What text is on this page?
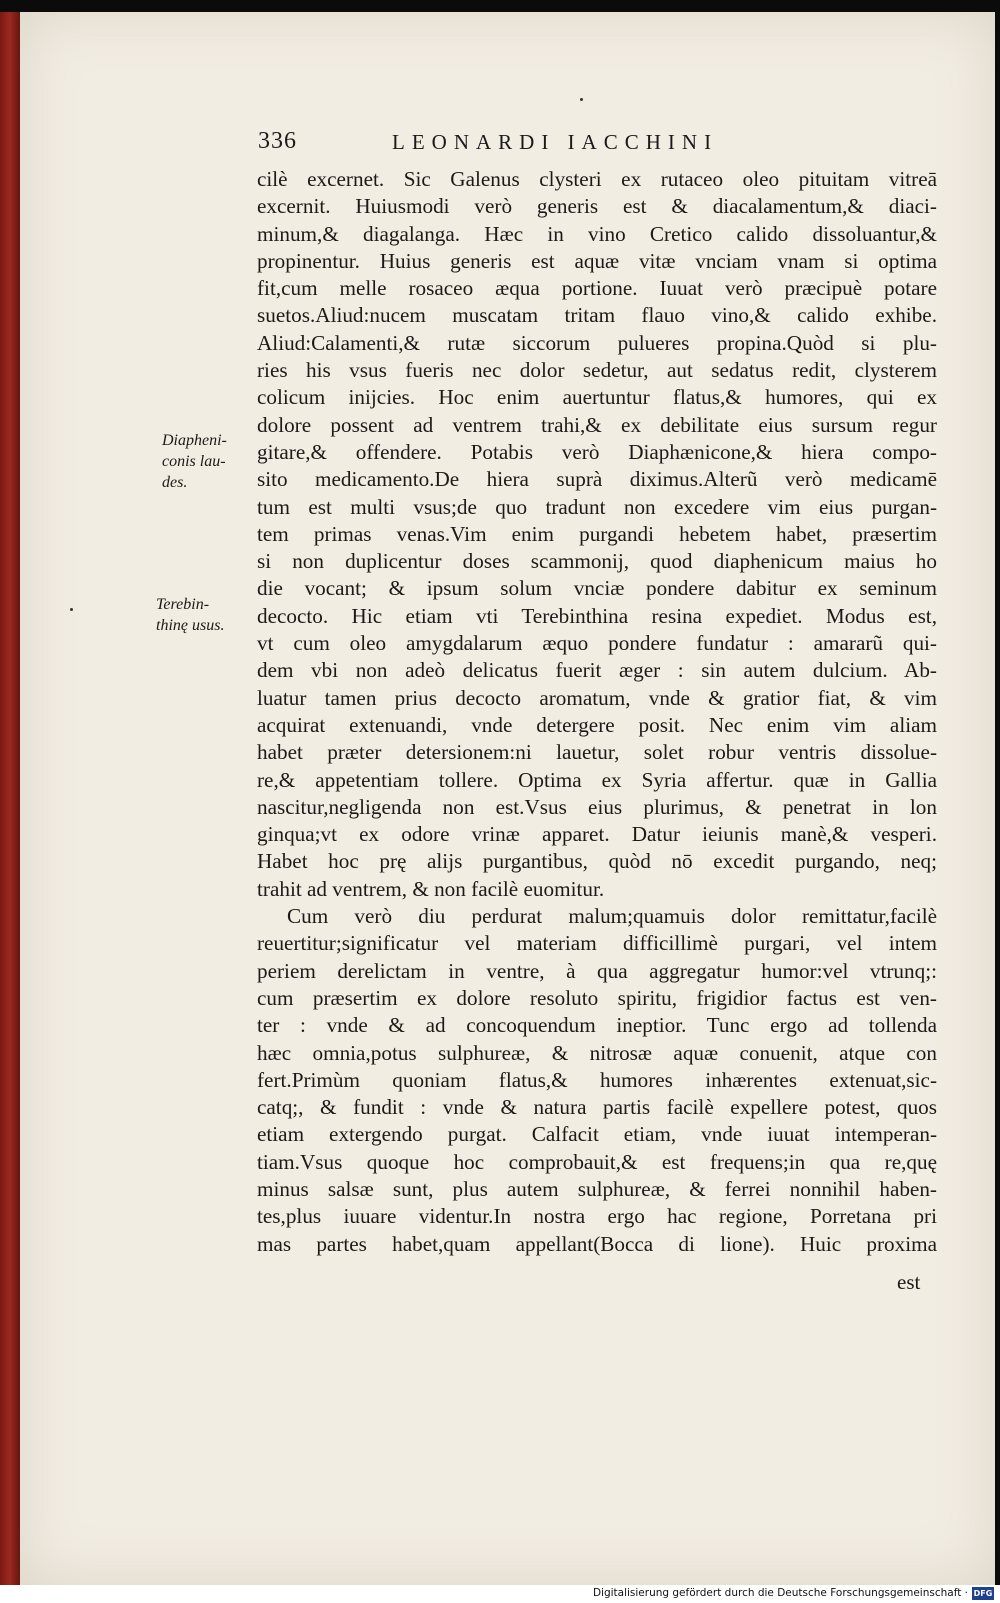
336	LEONARDI IACCHINI
Diapheni-
conis lau-
des.
Terebin-
thinę usus.
cilè excernet. Sic Galenus clysteri ex rutaceo oleo pituitam vitreā
excernit. Huiusmodi verò generis est & diacalamentum,& diaci-
minum,& diagalanga. Hæc in vino Cretico calido dissoluantur,&
propinentur. Huius generis est aquæ vitæ vnciam vnam si optima
fit,cum melle rosaceo æqua portione. Iuuat verò præcipuè potare
suetos.Aliud:nucem muscatam tritam flauo vino,& calido exhibe.
Aliud:Calamenti,& rutæ siccorum pulueres propina.Quòd si plu-
ries his vsus fueris nec dolor sedetur, aut sedatus redit, clysterem
colicum inijcies. Hoc enim auertuntur flatus,& humores, qui ex
dolore possent ad ventrem trahi,& ex debilitate eius sursum regur
gitare,& offendere. Potabis verò Diaphænicone,& hiera compo-
sito medicamento.De hiera suprà diximus.Alterũ verò medicamē
tum est multi vsus;de quo tradunt non excedere vim eius purgan-
tem primas venas.Vim enim purgandi hebetem habet, præsertim
si non duplicentur doses scammonij, quod diaphenicum maius ho
die vocant; & ipsum solum vnciæ pondere dabitur ex seminum
decocto. Hic etiam vti Terebinthina resina expediet. Modus est,
vt cum oleo amygdalarum æquo pondere fundatur : amararũ qui-
dem vbi non adeò delicatus fuerit æger : sin autem dulcium. Ab-
luatur tamen prius decocto aromatum, vnde & gratior fiat, & vim
acquirat extenuandi, vnde detergere posit. Nec enim vim aliam
habet præter detersionem:ni lauetur, solet robur ventris dissolue-
re,& appetentiam tollere. Optima ex Syria affertur. quæ in Gallia
nascitur,negligenda non est.Vsus eius plurimus, & penetrat in lon
ginqua;vt ex odore vrinæ apparet. Datur ieiunis manè,& vesperi.
Habet hoc prę alijs purgantibus, quòd nō excedit purgando, neq;
trahit ad ventrem, & non facilè euomitur.
Cum verò diu perdurat malum;quamuis dolor remittatur,facilè
reuertitur;significatur vel materiam difficillimè purgari, vel intem
periem derelictam in ventre, à qua aggregatur humor:vel vtrunq;:
cum præsertim ex dolore resoluto spiritu, frigidior factus est ven-
ter : vnde & ad concoquendum ineptior. Tunc ergo ad tollenda
hæc omnia,potus sulphureæ, & nitrosæ aquæ conuenit, atque con
fert.Primùm quoniam flatus,& humores inhærentes extenuat,sic-
catq;, & fundit : vnde & natura partis facilè expellere potest, quos
etiam extergendo purgat. Calfacit etiam, vnde iuuat intemperan-
tiam.Vsus quoque hoc comprobauit,& est frequens;in qua re,quę
minus salsæ sunt, plus autem sulphureæ, & ferrei nonnihil haben-
tes,plus iuuare videntur.In nostra ergo hac regione, Porretana pri
mas partes habet,quam appellant(Bocca di lione). Huic proxima
est
Digitalisierung gefördert durch die Deutsche Forschungsgemeinschaft · DFG
